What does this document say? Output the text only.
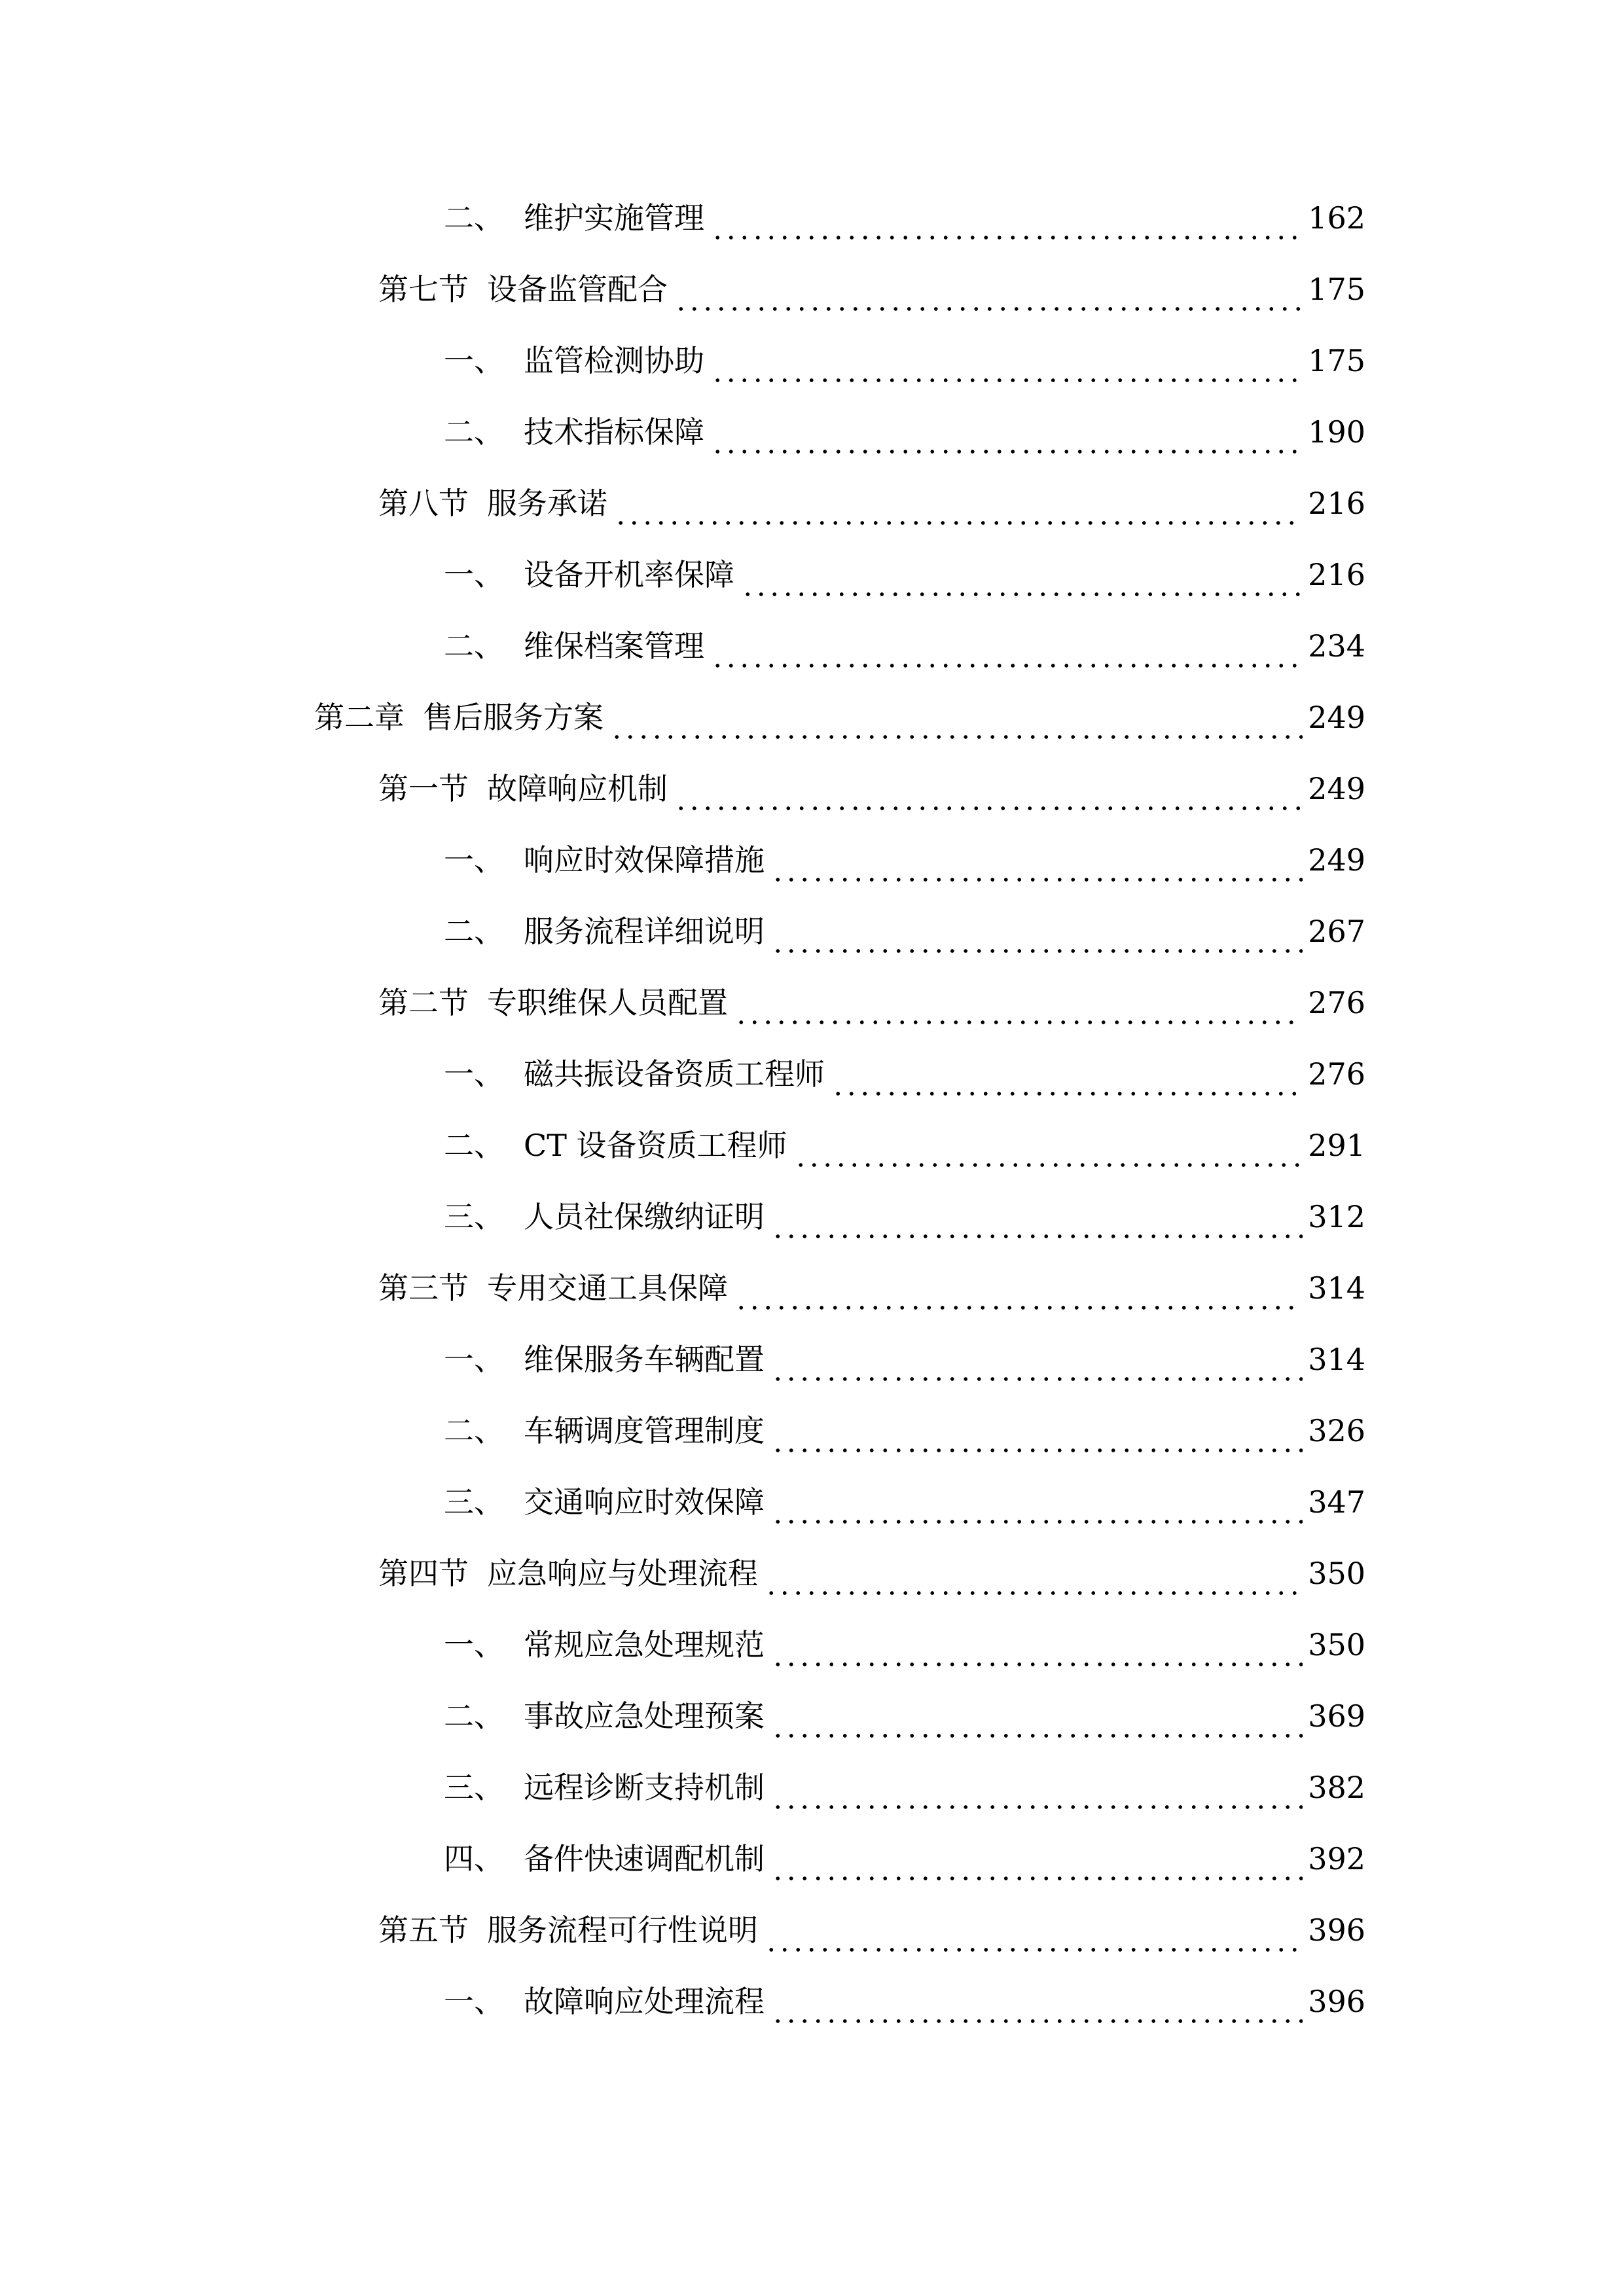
二、 维护实施管理	162
第七节 设备监管配合	175
一、 监管检测协助	175
二、 技术指标保障	190
第八节 服务承诺	216
一、 设备开机率保障	216
二、 维保档案管理	234
第二章 售后服务方案	249
第一节 故障响应机制	249
一、 响应时效保障措施	249
二、 服务流程详细说明	267
第二节 专职维保人员配置	276
一、 磁共振设备资质工程师	276
二、 CT 设备资质工程师	291
三、 人员社保缴纳证明	312
第三节 专用交通工具保障	314
一、 维保服务车辆配置	314
二、 车辆调度管理制度	326
三、 交通响应时效保障	347
第四节 应急响应与处理流程	350
一、 常规应急处理规范	350
二、 事故应急处理预案	369
三、 远程诊断支持机制	382
四、 备件快速调配机制	392
第五节 服务流程可行性说明	396
一、 故障响应处理流程	396
